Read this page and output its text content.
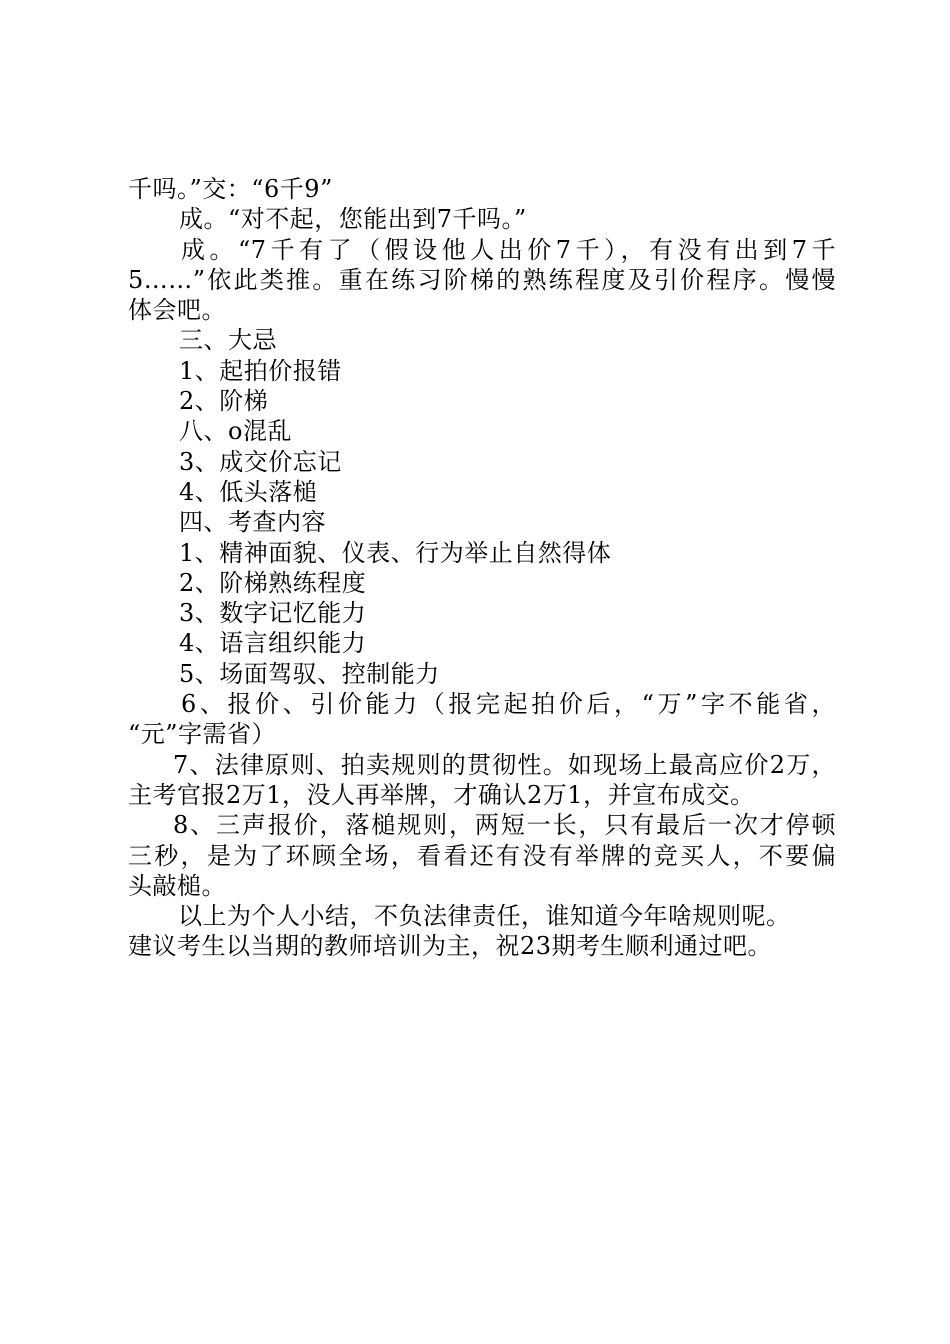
千吗。”交：“6千9”
成。“对不起，您能出到7千吗。”
成。“7千有了（假设他人出价7千），有没有出到7千
5……”依此类推。重在练习阶梯的熟练程度及引价程序。慢慢
体会吧。
三、大忌
1、起拍价报错
2、阶梯
八、o混乱
3、成交价忘记
4、低头落槌
四、考查内容
1、精神面貌、仪表、行为举止自然得体
2、阶梯熟练程度
3、数字记忆能力
4、语言组织能力
5、场面驾驭、控制能力
6、报价、引价能力（报完起拍价后，“万”字不能省，
“元”字需省）
7、法律原则、拍卖规则的贯彻性。如现场上最高应价2万，
主考官报2万1，没人再举牌，才确认2万1，并宣布成交。
8、三声报价，落槌规则，两短一长，只有最后一次才停顿
三秒，是为了环顾全场，看看还有没有举牌的竞买人，不要偏
头敲槌。
以上为个人小结，不负法律责任，谁知道今年啥规则呢。
建议考生以当期的教师培训为主，祝23期考生顺利通过吧。
